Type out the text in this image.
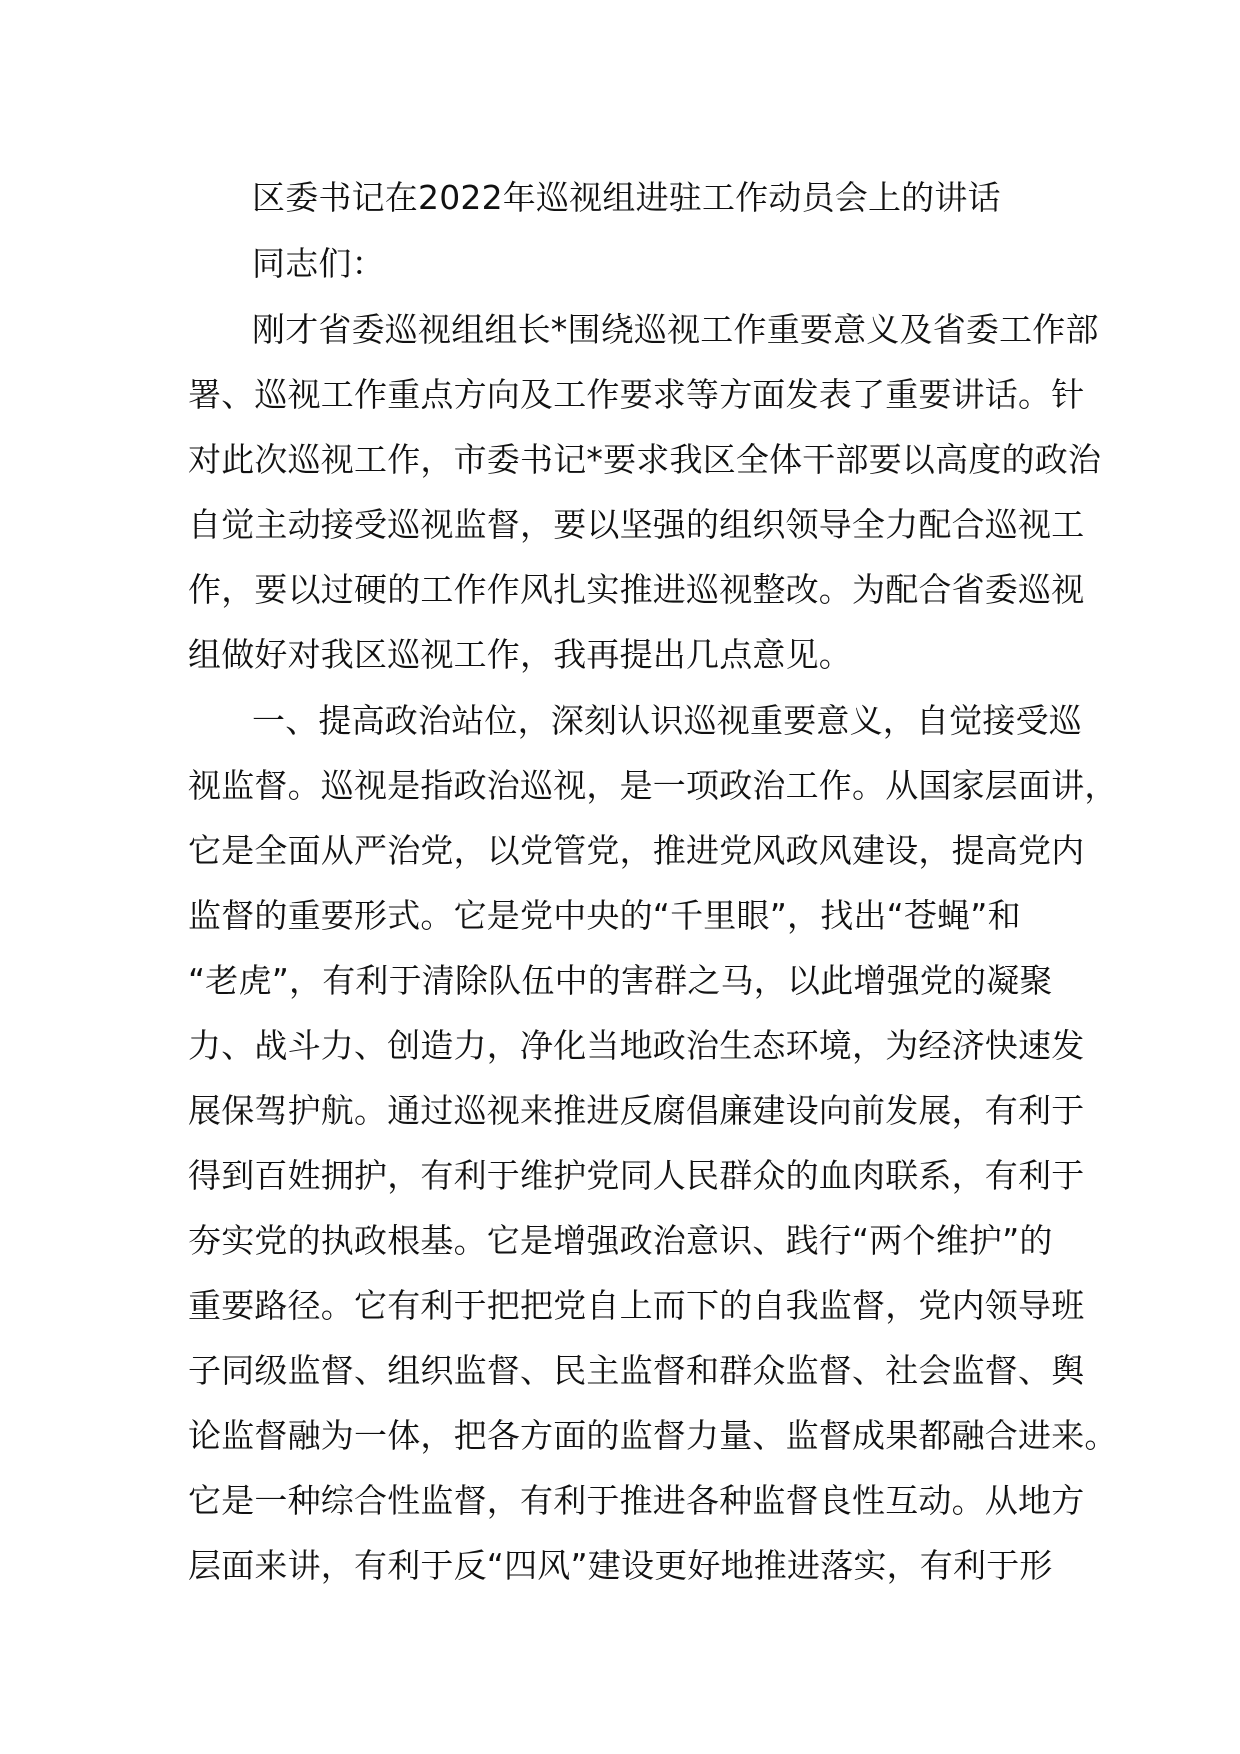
区委书记在2022年巡视组进驻工作动员会上的讲话
同志们：
刚才省委巡视组组长*围绕巡视工作重要意义及省委工作部
署、巡视工作重点方向及工作要求等方面发表了重要讲话。针
对此次巡视工作，市委书记*要求我区全体干部要以高度的政治
自觉主动接受巡视监督，要以坚强的组织领导全力配合巡视工
作，要以过硬的工作作风扎实推进巡视整改。为配合省委巡视
组做好对我区巡视工作，我再提出几点意见。
一、提高政治站位，深刻认识巡视重要意义，自觉接受巡
视监督。巡视是指政治巡视，是一项政治工作。从国家层面讲，
它是全面从严治党，以党管党，推进党风政风建设，提高党内
监督的重要形式。它是党中央的“千里眼”，找出“苍蝇”和
“老虎”，有利于清除队伍中的害群之马，以此增强党的凝聚
力、战斗力、创造力，净化当地政治生态环境，为经济快速发
展保驾护航。通过巡视来推进反腐倡廉建设向前发展，有利于
得到百姓拥护，有利于维护党同人民群众的血肉联系，有利于
夯实党的执政根基。它是增强政治意识、践行“两个维护”的
重要路径。它有利于把把党自上而下的自我监督，党内领导班
子同级监督、组织监督、民主监督和群众监督、社会监督、舆
论监督融为一体，把各方面的监督力量、监督成果都融合进来。
它是一种综合性监督，有利于推进各种监督良性互动。从地方
层面来讲，有利于反“四风”建设更好地推进落实，有利于形
